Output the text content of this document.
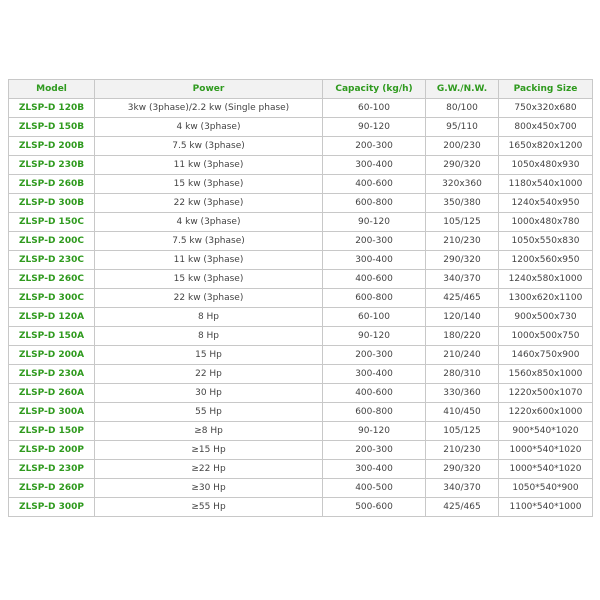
Model	Power	Capacity (kg/h)	G.W./N.W.	Packing Size
ZLSP-D 120B	3kw (3phase)/2.2 kw (Single phase)	60-100	80/100	750x320x680
ZLSP-D 150B	4 kw (3phase)	90-120	95/110	800x450x700
ZLSP-D 200B	7.5 kw (3phase)	200-300	200/230	1650x820x1200
ZLSP-D 230B	11 kw (3phase)	300-400	290/320	1050x480x930
ZLSP-D 260B	15 kw (3phase)	400-600	320x360	1180x540x1000
ZLSP-D 300B	22 kw (3phase)	600-800	350/380	1240x540x950
ZLSP-D 150C	4 kw (3phase)	90-120	105/125	1000x480x780
ZLSP-D 200C	7.5 kw (3phase)	200-300	210/230	1050x550x830
ZLSP-D 230C	11 kw (3phase)	300-400	290/320	1200x560x950
ZLSP-D 260C	15 kw (3phase)	400-600	340/370	1240x580x1000
ZLSP-D 300C	22 kw (3phase)	600-800	425/465	1300x620x1100
ZLSP-D 120A	8 Hp	60-100	120/140	900x500x730
ZLSP-D 150A	8 Hp	90-120	180/220	1000x500x750
ZLSP-D 200A	15 Hp	200-300	210/240	1460x750x900
ZLSP-D 230A	22 Hp	300-400	280/310	1560x850x1000
ZLSP-D 260A	30 Hp	400-600	330/360	1220x500x1070
ZLSP-D 300A	55 Hp	600-800	410/450	1220x600x1000
ZLSP-D 150P	≥8 Hp	90-120	105/125	900*540*1020
ZLSP-D 200P	≥15 Hp	200-300	210/230	1000*540*1020
ZLSP-D 230P	≥22 Hp	300-400	290/320	1000*540*1020
ZLSP-D 260P	≥30 Hp	400-500	340/370	1050*540*900
ZLSP-D 300P	≥55 Hp	500-600	425/465	1100*540*1000
